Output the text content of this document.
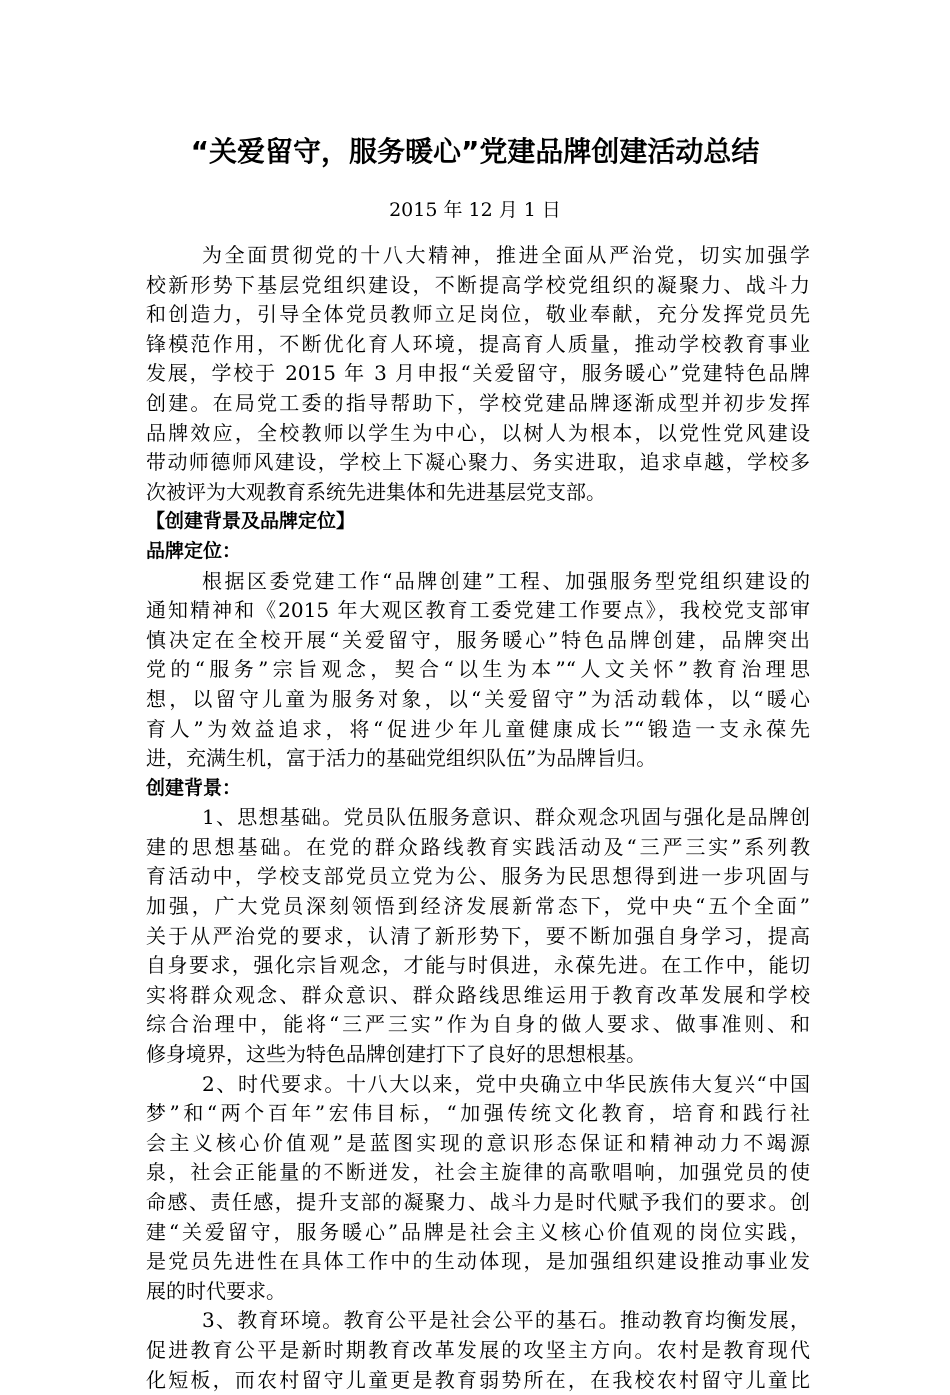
“关爱留守，服务暖心”党建品牌创建活动总结

2015 年 12 月 1 日

为全面贯彻党的十八大精神，推进全面从严治党，切实加强学
校新形势下基层党组织建设，不断提高学校党组织的凝聚力、战斗力
和创造力，引导全体党员教师立足岗位，敬业奉献，充分发挥党员先
锋模范作用，不断优化育人环境，提高育人质量，推动学校教育事业
发展，学校于 2015 年 3 月申报“关爱留守，服务暖心”党建特色品牌
创建。在局党工委的指导帮助下，学校党建品牌逐渐成型并初步发挥
品牌效应，全校教师以学生为中心，以树人为根本，以党性党风建设
带动师德师风建设，学校上下凝心聚力、务实进取，追求卓越，学校多
次被评为大观教育系统先进集体和先进基层党支部。
【创建背景及品牌定位】
品牌定位：
根据区委党建工作“品牌创建”工程、加强服务型党组织建设的
通知精神和《2015 年大观区教育工委党建工作要点》，我校党支部审
慎决定在全校开展“关爱留守，服务暖心”特色品牌创建，品牌突出
党的“服务”宗旨观念，契合“以生为本”“人文关怀”教育治理思
想，以留守儿童为服务对象，以“关爱留守”为活动载体，以“暖心
育人”为效益追求，将“促进少年儿童健康成长”“锻造一支永葆先
进，充满生机，富于活力的基础党组织队伍”为品牌旨归。
创建背景：
1、思想基础。党员队伍服务意识、群众观念巩固与强化是品牌创
建的思想基础。在党的群众路线教育实践活动及“三严三实”系列教
育活动中，学校支部党员立党为公、服务为民思想得到进一步巩固与
加强，广大党员深刻领悟到经济发展新常态下，党中央“五个全面”
关于从严治党的要求，认清了新形势下，要不断加强自身学习，提高
自身要求，强化宗旨观念，才能与时俱进，永葆先进。在工作中，能切
实将群众观念、群众意识、群众路线思维运用于教育改革发展和学校
综合治理中，能将“三严三实”作为自身的做人要求、做事准则、和
修身境界，这些为特色品牌创建打下了良好的思想根基。
2、时代要求。十八大以来，党中央确立中华民族伟大复兴“中国
梦”和“两个百年”宏伟目标，“加强传统文化教育，培育和践行社
会主义核心价值观”是蓝图实现的意识形态保证和精神动力不竭源
泉，社会正能量的不断迸发，社会主旋律的高歌唱响，加强党员的使
命感、责任感，提升支部的凝聚力、战斗力是时代赋予我们的要求。创
建“关爱留守，服务暖心”品牌是社会主义核心价值观的岗位实践，
是党员先进性在具体工作中的生动体现，是加强组织建设推动事业发
展的时代要求。
3、教育环境。教育公平是社会公平的基石。推动教育均衡发展，
促进教育公平是新时期教育改革发展的攻坚主方向。农村是教育现代
化短板，而农村留守儿童更是教育弱势所在，在我校农村留守儿童比
